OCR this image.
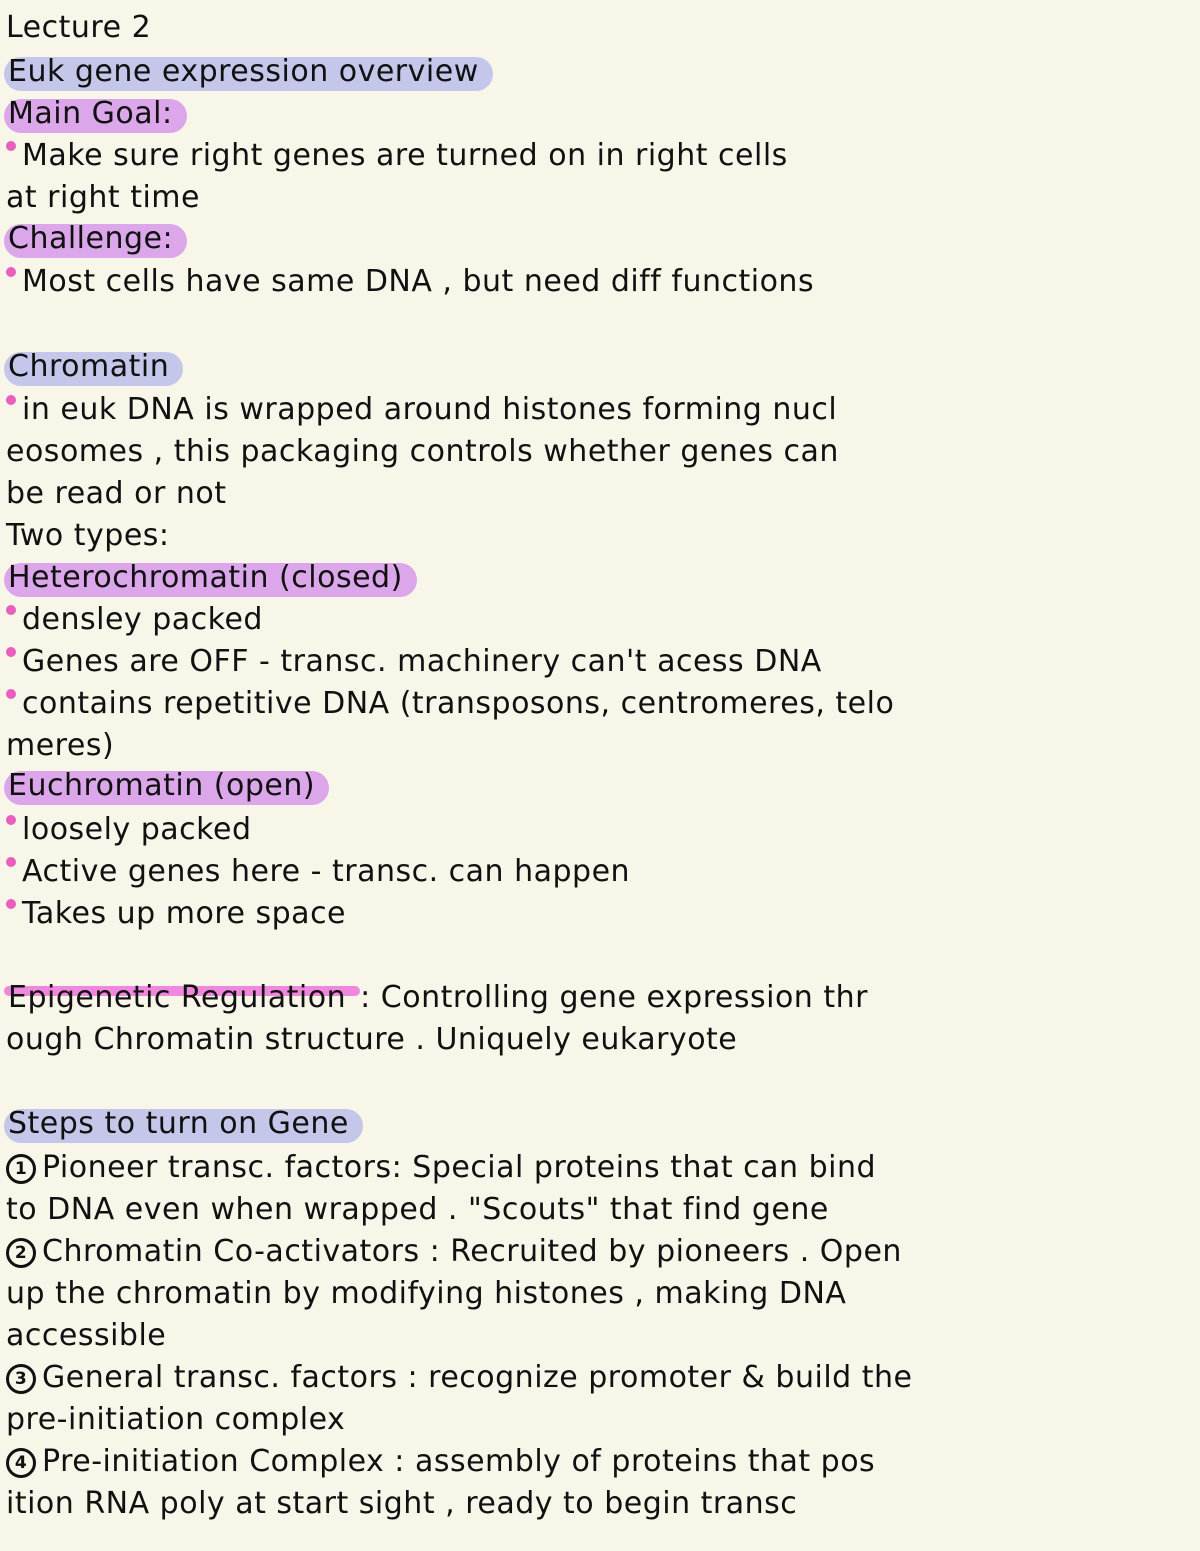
Lecture 2
Euk gene expression overview
Main Goal:
Make sure right genes are turned on in right cells
at right time
Challenge:
Most cells have same DNA , but need diff functions
Chromatin
in euk DNA is wrapped around histones forming nucl
eosomes , this packaging controls whether genes can
be read or not
Two types:
Heterochromatin (closed)
densley packed
Genes are OFF - transc. machinery can't acess DNA
contains repetitive DNA (transposons, centromeres, telo
meres)
Euchromatin (open)
loosely packed
Active genes here - transc. can happen
Takes up more space
Epigenetic Regulation : Controlling gene expression thr
ough Chromatin structure . Uniquely eukaryote
Steps to turn on Gene
1 Pioneer transc. factors: Special proteins that can bind
to DNA even when wrapped . "Scouts" that find gene
2 Chromatin Co-activators : Recruited by pioneers . Open
up the chromatin by modifying histones , making DNA
accessible
3 General transc. factors : recognize promoter & build the
pre-initiation complex
4 Pre-initiation Complex : assembly of proteins that pos
ition RNA poly at start sight , ready to begin transc
